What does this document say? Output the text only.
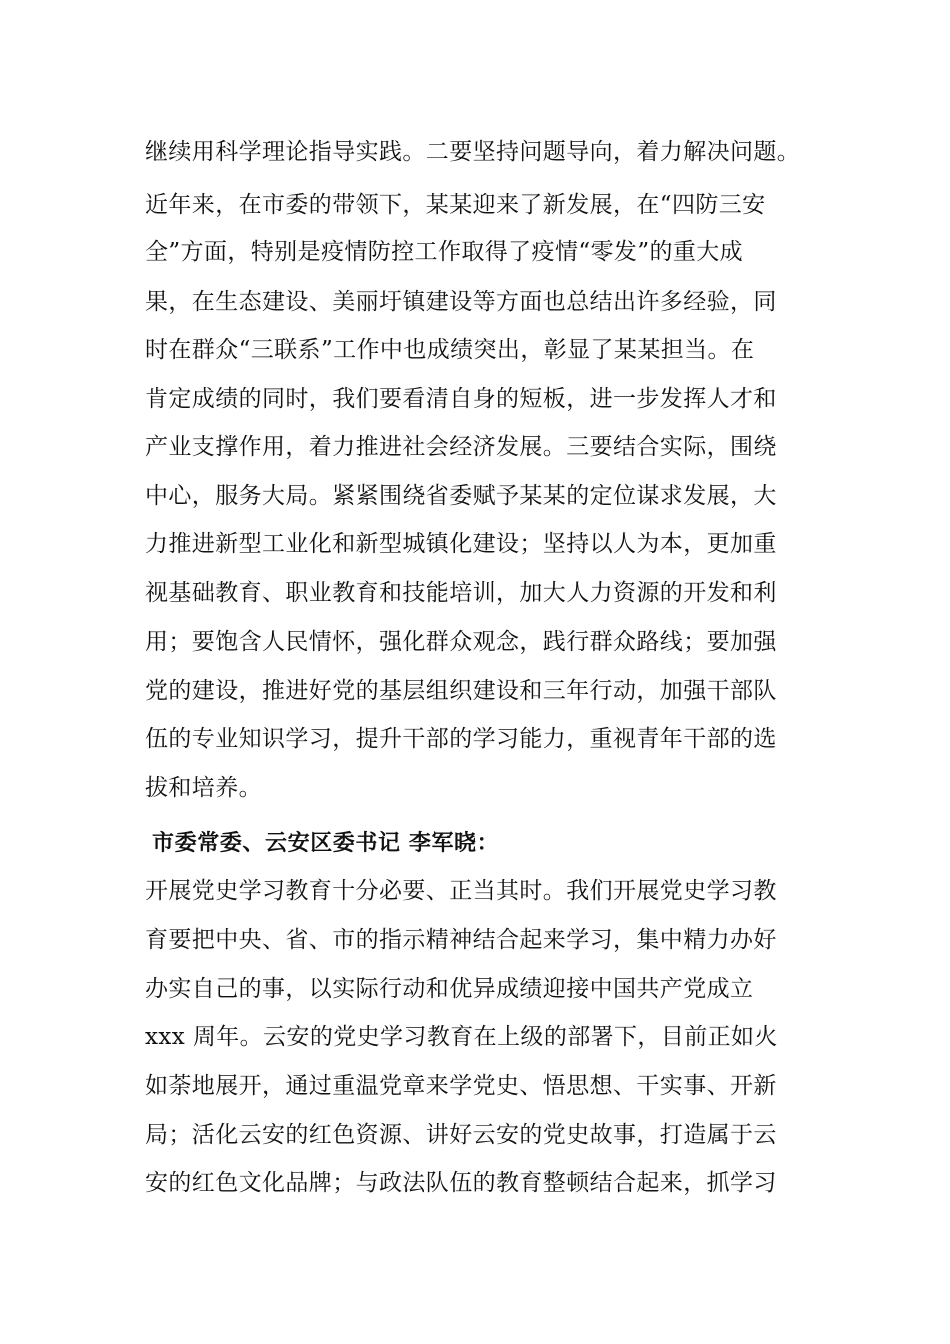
继续用科学理论指导实践。二要坚持问题导向，着力解决问题。
近年来，在市委的带领下，某某迎来了新发展，在“四防三安
全”方面，特别是疫情防控工作取得了疫情“零发”的重大成
果，在生态建设、美丽圩镇建设等方面也总结出许多经验，同
时在群众“三联系”工作中也成绩突出，彰显了某某担当。在
肯定成绩的同时，我们要看清自身的短板，进一步发挥人才和
产业支撑作用，着力推进社会经济发展。三要结合实际，围绕
中心，服务大局。紧紧围绕省委赋予某某的定位谋求发展，大
力推进新型工业化和新型城镇化建设；坚持以人为本，更加重
视基础教育、职业教育和技能培训，加大人力资源的开发和利
用；要饱含人民情怀，强化群众观念，践行群众路线；要加强
党的建设，推进好党的基层组织建设和三年行动，加强干部队
伍的专业知识学习，提升干部的学习能力，重视青年干部的选
拔和培养。
市委常委、云安区委书记 李军晓：
开展党史学习教育十分必要、正当其时。我们开展党史学习教
育要把中央、省、市的指示精神结合起来学习，集中精力办好
办实自己的事，以实际行动和优异成绩迎接中国共产党成立
xxx 周年。云安的党史学习教育在上级的部署下，目前正如火
如荼地展开，通过重温党章来学党史、悟思想、干实事、开新
局；活化云安的红色资源、讲好云安的党史故事，打造属于云
安的红色文化品牌；与政法队伍的教育整顿结合起来，抓学习
